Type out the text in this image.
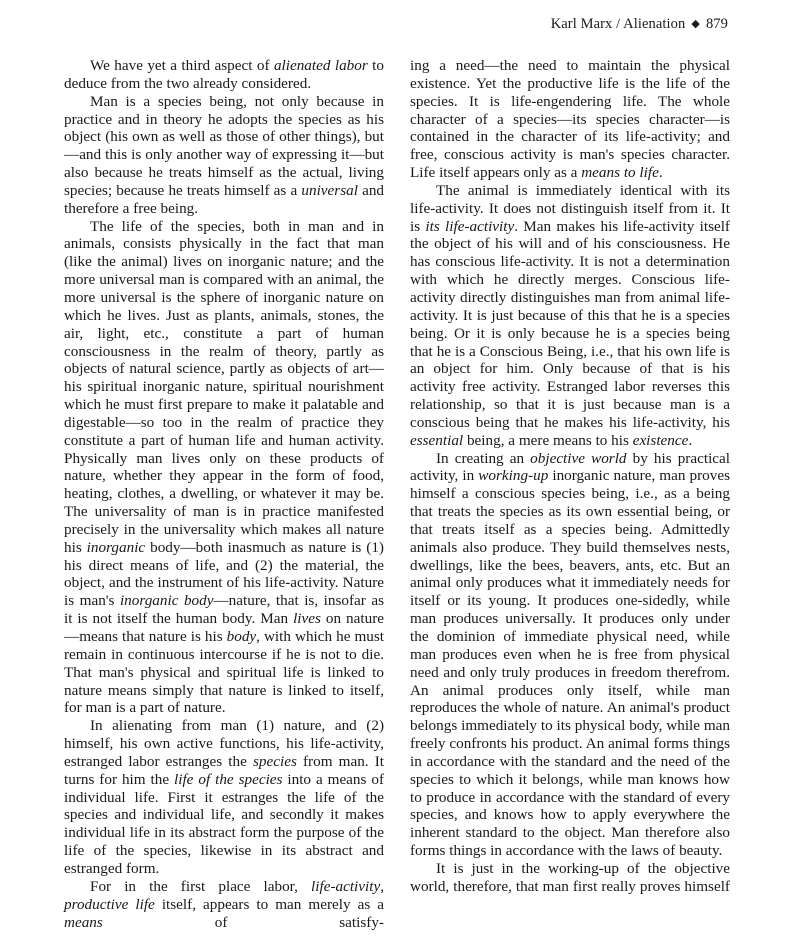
Karl Marx / Alienation ◆ 879

We have yet a third aspect of alienated labor to deduce from the two already considered.

Man is a species being, not only because in practice and in theory he adopts the species as his object (his own as well as those of other things), but—and this is only another way of expressing it—but also because he treats himself as the actual, living species; because he treats himself as a universal and therefore a free being.

The life of the species, both in man and in animals, consists physically in the fact that man (like the animal) lives on inorganic nature; and the more universal man is compared with an animal, the more universal is the sphere of inorganic nature on which he lives. Just as plants, animals, stones, the air, light, etc., constitute a part of human consciousness in the realm of theory, partly as objects of natural science, partly as objects of art—his spiritual inorganic nature, spiritual nourishment which he must first prepare to make it palatable and digestable—so too in the realm of practice they constitute a part of human life and human activity. Physically man lives only on these products of nature, whether they appear in the form of food, heating, clothes, a dwelling, or whatever it may be. The universality of man is in practice manifested precisely in the universality which makes all nature his inorganic body—both inasmuch as nature is (1) his direct means of life, and (2) the material, the object, and the instrument of his life-activity. Nature is man's inorganic body—nature, that is, insofar as it is not itself the human body. Man lives on nature—means that nature is his body, with which he must remain in continuous intercourse if he is not to die. That man's physical and spiritual life is linked to nature means simply that nature is linked to itself, for man is a part of nature.

In alienating from man (1) nature, and (2) himself, his own active functions, his life-activity, estranged labor estranges the species from man. It turns for him the life of the species into a means of individual life. First it estranges the life of the species and individual life, and secondly it makes individual life in its abstract form the purpose of the life of the species, likewise in its abstract and estranged form.

For in the first place labor, life-activity, productive life itself, appears to man merely as a means of satisfy-

ing a need—the need to maintain the physical existence. Yet the productive life is the life of the species. It is life-engendering life. The whole character of a species—its species character—is contained in the character of its life-activity; and free, conscious activity is man's species character. Life itself appears only as a means to life.

The animal is immediately identical with its life-activity. It does not distinguish itself from it. It is its life-activity. Man makes his life-activity itself the object of his will and of his consciousness. He has conscious life-activity. It is not a determination with which he directly merges. Conscious life-activity directly distinguishes man from animal life-activity. It is just because of this that he is a species being. Or it is only because he is a species being that he is a Conscious Being, i.e., that his own life is an object for him. Only because of that is his activity free activity. Estranged labor reverses this relationship, so that it is just because man is a conscious being that he makes his life-activity, his essential being, a mere means to his existence.

In creating an objective world by his practical activity, in working-up inorganic nature, man proves himself a conscious species being, i.e., as a being that treats the species as its own essential being, or that treats itself as a species being. Admittedly animals also produce. They build themselves nests, dwellings, like the bees, beavers, ants, etc. But an animal only produces what it immediately needs for itself or its young. It produces one-sidedly, while man produces universally. It produces only under the dominion of immediate physical need, while man produces even when he is free from physical need and only truly produces in freedom therefrom. An animal produces only itself, while man reproduces the whole of nature. An animal's product belongs immediately to its physical body, while man freely confronts his product. An animal forms things in accordance with the standard and the need of the species to which it belongs, while man knows how to produce in accordance with the standard of every species, and knows how to apply everywhere the inherent standard to the object. Man therefore also forms things in accordance with the laws of beauty.

It is just in the working-up of the objective world, therefore, that man first really proves himself
